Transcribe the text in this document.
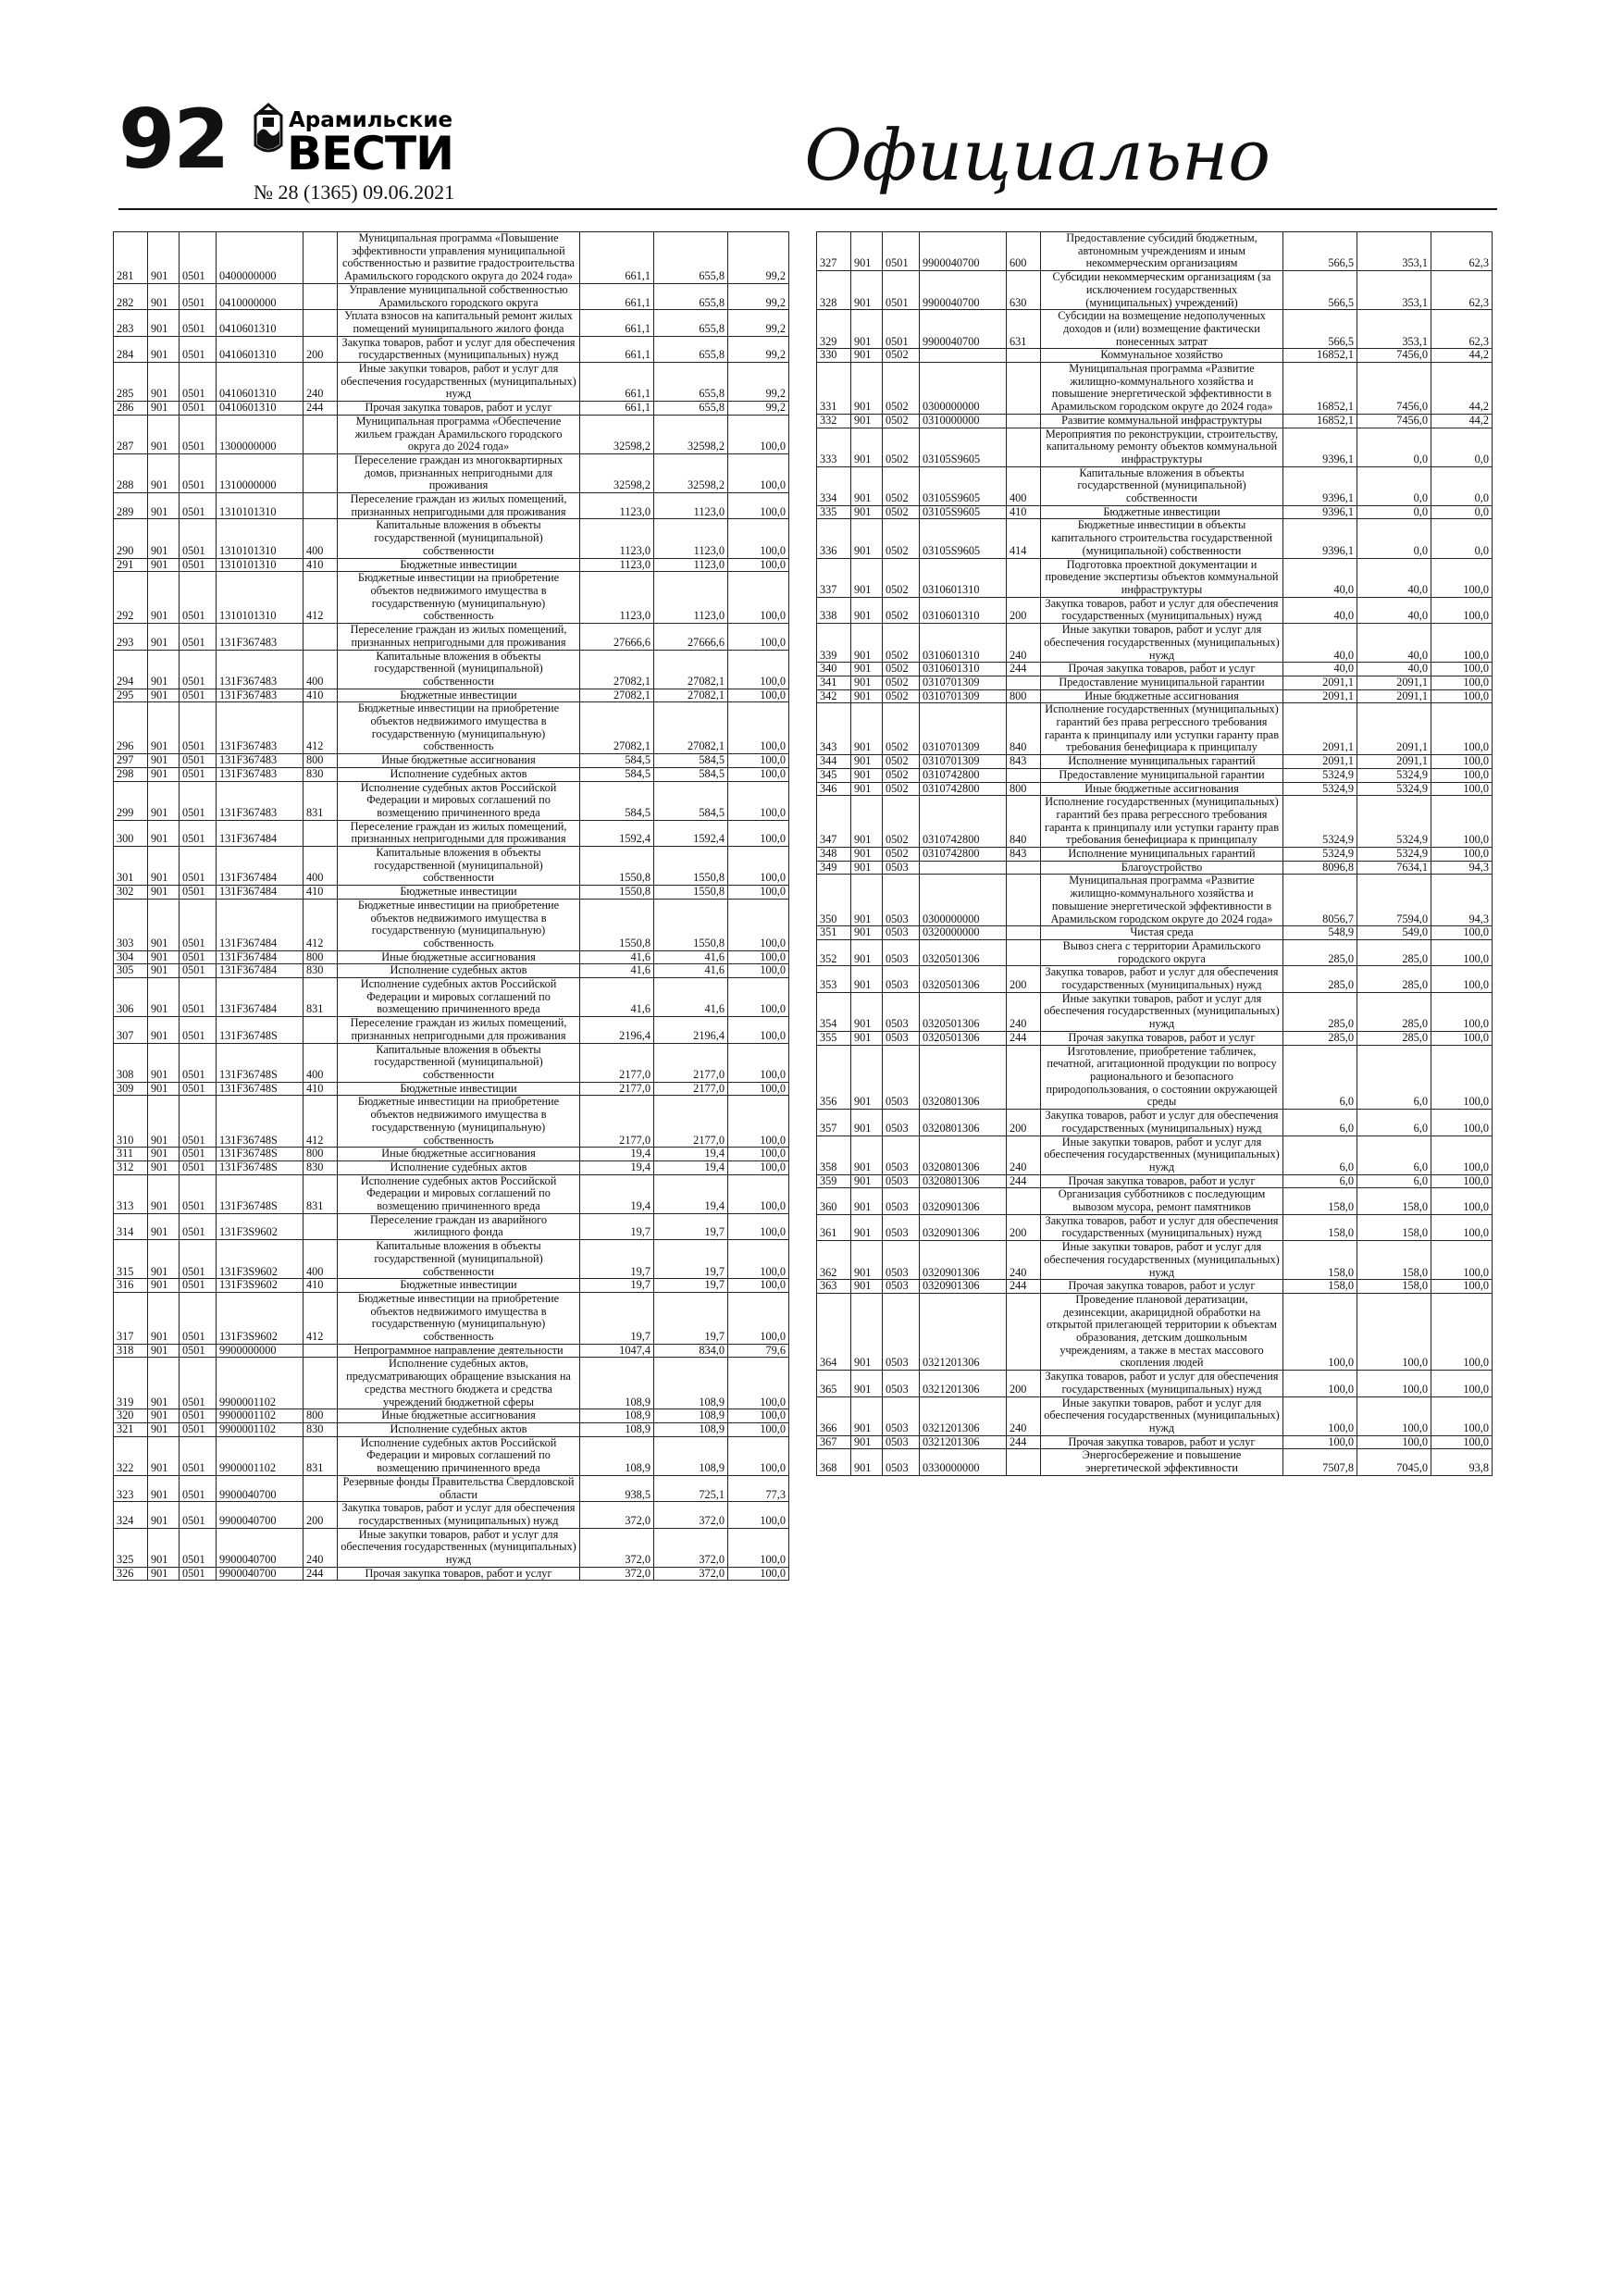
92	Арамильские
ВЕСТИ
№ 28 (1365) 09.06.2021	Официально
281	901	0501	0400000000		Муниципальная программа «Повышение эффективности управления муниципальной собственностью и развитие градостроительства Арамильского городского округа до 2024 года»	661,1	655,8	99,2
282	901	0501	0410000000		Управление муниципальной собственностью Арамильского городского округа	661,1	655,8	99,2
283	901	0501	0410601310		Уплата взносов на капитальный ремонт жилых помещений муниципального жилого фонда	661,1	655,8	99,2
284	901	0501	0410601310	200	Закупка товаров, работ и услуг для обеспечения государственных (муниципальных) нужд	661,1	655,8	99,2
285	901	0501	0410601310	240	Иные закупки товаров, работ и услуг для обеспечения государственных (муниципальных) нужд	661,1	655,8	99,2
286	901	0501	0410601310	244	Прочая закупка товаров, работ и услуг	661,1	655,8	99,2
287	901	0501	1300000000		Муниципальная программа «Обеспечение жильем граждан Арамильского городского округа до 2024 года»	32598,2	32598,2	100,0
288	901	0501	1310000000		Переселение граждан из многоквартирных домов, признанных непригодными для проживания	32598,2	32598,2	100,0
289	901	0501	1310101310		Переселение граждан из жилых помещений, признанных непригодными для проживания	1123,0	1123,0	100,0
290	901	0501	1310101310	400	Капитальные вложения в объекты государственной (муниципальной) собственности	1123,0	1123,0	100,0
291	901	0501	1310101310	410	Бюджетные инвестиции	1123,0	1123,0	100,0
292	901	0501	1310101310	412	Бюджетные инвестиции на приобретение объектов недвижимого имущества в государственную (муниципальную) собственность	1123,0	1123,0	100,0
293	901	0501	131F367483		Переселение граждан из жилых помещений, признанных непригодными для проживания	27666,6	27666,6	100,0
294	901	0501	131F367483	400	Капитальные вложения в объекты государственной (муниципальной) собственности	27082,1	27082,1	100,0
295	901	0501	131F367483	410	Бюджетные инвестиции	27082,1	27082,1	100,0
296	901	0501	131F367483	412	Бюджетные инвестиции на приобретение объектов недвижимого имущества в государственную (муниципальную) собственность	27082,1	27082,1	100,0
297	901	0501	131F367483	800	Иные бюджетные ассигнования	584,5	584,5	100,0
298	901	0501	131F367483	830	Исполнение судебных актов	584,5	584,5	100,0
299	901	0501	131F367483	831	Исполнение судебных актов Российской Федерации и мировых соглашений по возмещению причиненного вреда	584,5	584,5	100,0
300	901	0501	131F367484		Переселение граждан из жилых помещений, признанных непригодными для проживания	1592,4	1592,4	100,0
301	901	0501	131F367484	400	Капитальные вложения в объекты государственной (муниципальной) собственности	1550,8	1550,8	100,0
302	901	0501	131F367484	410	Бюджетные инвестиции	1550,8	1550,8	100,0
303	901	0501	131F367484	412	Бюджетные инвестиции на приобретение объектов недвижимого имущества в государственную (муниципальную) собственность	1550,8	1550,8	100,0
304	901	0501	131F367484	800	Иные бюджетные ассигнования	41,6	41,6	100,0
305	901	0501	131F367484	830	Исполнение судебных актов	41,6	41,6	100,0
306	901	0501	131F367484	831	Исполнение судебных актов Российской Федерации и мировых соглашений по возмещению причиненного вреда	41,6	41,6	100,0
307	901	0501	131F36748S		Переселение граждан из жилых помещений, признанных непригодными для проживания	2196,4	2196,4	100,0
308	901	0501	131F36748S	400	Капитальные вложения в объекты государственной (муниципальной) собственности	2177,0	2177,0	100,0
309	901	0501	131F36748S	410	Бюджетные инвестиции	2177,0	2177,0	100,0
310	901	0501	131F36748S	412	Бюджетные инвестиции на приобретение объектов недвижимого имущества в государственную (муниципальную) собственность	2177,0	2177,0	100,0
311	901	0501	131F36748S	800	Иные бюджетные ассигнования	19,4	19,4	100,0
312	901	0501	131F36748S	830	Исполнение судебных актов	19,4	19,4	100,0
313	901	0501	131F36748S	831	Исполнение судебных актов Российской Федерации и мировых соглашений по возмещению причиненного вреда	19,4	19,4	100,0
314	901	0501	131F3S9602		Переселение граждан из аварийного жилищного фонда	19,7	19,7	100,0
315	901	0501	131F3S9602	400	Капитальные вложения в объекты государственной (муниципальной) собственности	19,7	19,7	100,0
316	901	0501	131F3S9602	410	Бюджетные инвестиции	19,7	19,7	100,0
317	901	0501	131F3S9602	412	Бюджетные инвестиции на приобретение объектов недвижимого имущества в государственную (муниципальную) собственность	19,7	19,7	100,0
318	901	0501	9900000000		Непрограммное направление деятельности	1047,4	834,0	79,6
319	901	0501	9900001102		Исполнение судебных актов, предусматривающих обращение взыскания на средства местного бюджета и средства учреждений бюджетной сферы	108,9	108,9	100,0
320	901	0501	9900001102	800	Иные бюджетные ассигнования	108,9	108,9	100,0
321	901	0501	9900001102	830	Исполнение судебных актов	108,9	108,9	100,0
322	901	0501	9900001102	831	Исполнение судебных актов Российской Федерации и мировых соглашений по возмещению причиненного вреда	108,9	108,9	100,0
323	901	0501	9900040700		Резервные фонды Правительства Свердловской области	938,5	725,1	77,3
324	901	0501	9900040700	200	Закупка товаров, работ и услуг для обеспечения государственных (муниципальных) нужд	372,0	372,0	100,0
325	901	0501	9900040700	240	Иные закупки товаров, работ и услуг для обеспечения государственных (муниципальных) нужд	372,0	372,0	100,0
326	901	0501	9900040700	244	Прочая закупка товаров, работ и услуг	372,0	372,0	100,0
327	901	0501	9900040700	600	Предоставление субсидий бюджетным, автономным учреждениям и иным некоммерческим организациям	566,5	353,1	62,3
328	901	0501	9900040700	630	Субсидии некоммерческим организациям (за исключением государственных (муниципальных) учреждений)	566,5	353,1	62,3
329	901	0501	9900040700	631	Субсидии на возмещение недополученных доходов и (или) возмещение фактически понесенных затрат	566,5	353,1	62,3
330	901	0502			Коммунальное хозяйство	16852,1	7456,0	44,2
331	901	0502	0300000000		Муниципальная программа «Развитие жилищно-коммунального хозяйства и повышение энергетической эффективности в Арамильском городском округе до 2024 года»	16852,1	7456,0	44,2
332	901	0502	0310000000		Развитие коммунальной инфраструктуры	16852,1	7456,0	44,2
333	901	0502	03105S9605		Мероприятия по реконструкции, строительству, капитальному ремонту объектов коммунальной инфраструктуры	9396,1	0,0	0,0
334	901	0502	03105S9605	400	Капитальные вложения в объекты государственной (муниципальной) собственности	9396,1	0,0	0,0
335	901	0502	03105S9605	410	Бюджетные инвестиции	9396,1	0,0	0,0
336	901	0502	03105S9605	414	Бюджетные инвестиции в объекты капитального строительства государственной (муниципальной) собственности	9396,1	0,0	0,0
337	901	0502	0310601310		Подготовка проектной документации и проведение экспертизы объектов коммунальной инфраструктуры	40,0	40,0	100,0
338	901	0502	0310601310	200	Закупка товаров, работ и услуг для обеспечения государственных (муниципальных) нужд	40,0	40,0	100,0
339	901	0502	0310601310	240	Иные закупки товаров, работ и услуг для обеспечения государственных (муниципальных) нужд	40,0	40,0	100,0
340	901	0502	0310601310	244	Прочая закупка товаров, работ и услуг	40,0	40,0	100,0
341	901	0502	0310701309		Предоставление муниципальной гарантии	2091,1	2091,1	100,0
342	901	0502	0310701309	800	Иные бюджетные ассигнования	2091,1	2091,1	100,0
343	901	0502	0310701309	840	Исполнение государственных (муниципальных) гарантий без права регрессного требования гаранта к принципалу или уступки гаранту прав требования бенефициара к принципалу	2091,1	2091,1	100,0
344	901	0502	0310701309	843	Исполнение муниципальных гарантий	2091,1	2091,1	100,0
345	901	0502	0310742800		Предоставление муниципальной гарантии	5324,9	5324,9	100,0
346	901	0502	0310742800	800	Иные бюджетные ассигнования	5324,9	5324,9	100,0
347	901	0502	0310742800	840	Исполнение государственных (муниципальных) гарантий без права регрессного требования гаранта к принципалу или уступки гаранту прав требования бенефициара к принципалу	5324,9	5324,9	100,0
348	901	0502	0310742800	843	Исполнение муниципальных гарантий	5324,9	5324,9	100,0
349	901	0503			Благоустройство	8096,8	7634,1	94,3
350	901	0503	0300000000		Муниципальная программа «Развитие жилищно-коммунального хозяйства и повышение энергетической эффективности в Арамильском городском округе до 2024 года»	8056,7	7594,0	94,3
351	901	0503	0320000000		Чистая среда	548,9	549,0	100,0
352	901	0503	0320501306		Вывоз снега с территории Арамильского городского округа	285,0	285,0	100,0
353	901	0503	0320501306	200	Закупка товаров, работ и услуг для обеспечения государственных (муниципальных) нужд	285,0	285,0	100,0
354	901	0503	0320501306	240	Иные закупки товаров, работ и услуг для обеспечения государственных (муниципальных) нужд	285,0	285,0	100,0
355	901	0503	0320501306	244	Прочая закупка товаров, работ и услуг	285,0	285,0	100,0
356	901	0503	0320801306		Изготовление, приобретение табличек, печатной, агитационной продукции по вопросу рационального и безопасного природопользования, о состоянии окружающей среды	6,0	6,0	100,0
357	901	0503	0320801306	200	Закупка товаров, работ и услуг для обеспечения государственных (муниципальных) нужд	6,0	6,0	100,0
358	901	0503	0320801306	240	Иные закупки товаров, работ и услуг для обеспечения государственных (муниципальных) нужд	6,0	6,0	100,0
359	901	0503	0320801306	244	Прочая закупка товаров, работ и услуг	6,0	6,0	100,0
360	901	0503	0320901306		Организация субботников с последующим вывозом мусора, ремонт памятников	158,0	158,0	100,0
361	901	0503	0320901306	200	Закупка товаров, работ и услуг для обеспечения государственных (муниципальных) нужд	158,0	158,0	100,0
362	901	0503	0320901306	240	Иные закупки товаров, работ и услуг для обеспечения государственных (муниципальных) нужд	158,0	158,0	100,0
363	901	0503	0320901306	244	Прочая закупка товаров, работ и услуг	158,0	158,0	100,0
364	901	0503	0321201306		Проведение плановой дератизации, дезинсекции, акарицидной обработки на открытой прилегающей территории к объектам образования, детским дошкольным учреждениям, а также в местах массового скопления людей	100,0	100,0	100,0
365	901	0503	0321201306	200	Закупка товаров, работ и услуг для обеспечения государственных (муниципальных) нужд	100,0	100,0	100,0
366	901	0503	0321201306	240	Иные закупки товаров, работ и услуг для обеспечения государственных (муниципальных) нужд	100,0	100,0	100,0
367	901	0503	0321201306	244	Прочая закупка товаров, работ и услуг	100,0	100,0	100,0
368	901	0503	0330000000		Энергосбережение и повышение энергетической эффективности	7507,8	7045,0	93,8
